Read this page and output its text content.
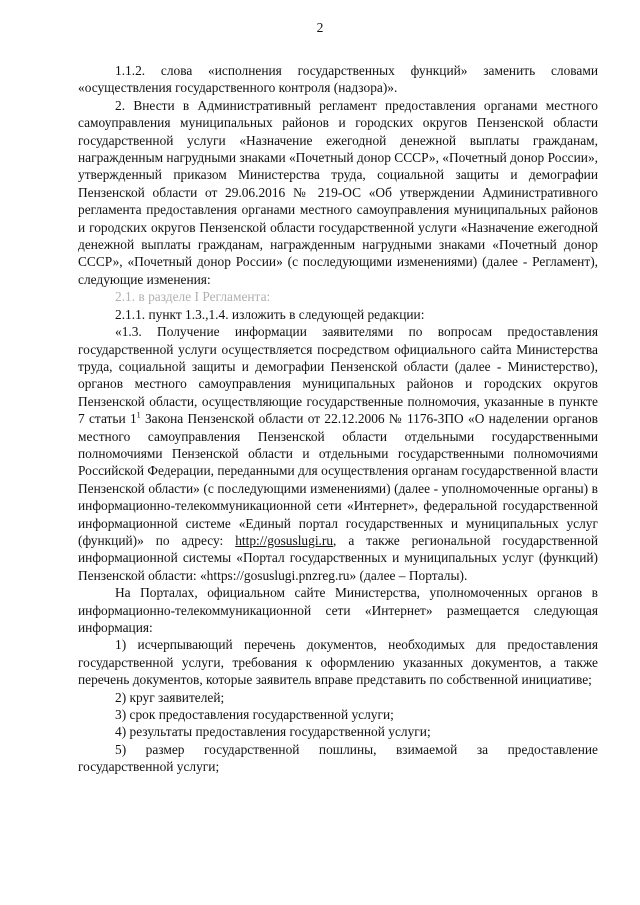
2

1.1.2. слова «исполнения государственных функций» заменить словами «осуществления государственного контроля (надзора)».

2. Внести в Административный регламент предоставления органами местного самоуправления муниципальных районов и городских округов Пензенской области государственной услуги «Назначение ежегодной денежной выплаты гражданам, награжденным нагрудными знаками «Почетный донор СССР», «Почетный донор России», утвержденный приказом Министерства труда, социальной защиты и демографии Пензенской области от 29.06.2016 № 219-ОС «Об утверждении Административного регламента предоставления органами местного самоуправления муниципальных районов и городских округов Пензенской области государственной услуги «Назначение ежегодной денежной выплаты гражданам, награжденным нагрудными знаками «Почетный донор СССР», «Почетный донор России» (с последующими изменениями) (далее - Регламент), следующие изменения:

2.1. в разделе I Регламента:

2.1.1. пункт 1.3.,1.4. изложить в следующей редакции:

«1.3. Получение информации заявителями по вопросам предоставления государственной услуги осуществляется посредством официального сайта Министерства труда, социальной защиты и демографии Пензенской области (далее - Министерство), органов местного самоуправления муниципальных районов и городских округов Пензенской области, осуществляющие государственные полномочия, указанные в пункте 7 статьи $1^1$ Закона Пензенской области от 22.12.2006 № 1176-ЗПО «О наделении органов местного самоуправления Пензенской области отдельными государственными полномочиями Пензенской области и отдельными государственными полномочиями Российской Федерации, переданными для осуществления органам государственной власти Пензенской области» (с последующими изменениями) (далее - уполномоченные органы) в информационно-телекоммуникационной сети «Интернет», федеральной государственной информационной системе «Единый портал государственных и муниципальных услуг (функций)» по адресу: http://gosuslugi.ru, а также региональной государственной информационной системы «Портал государственных и муниципальных услуг (функций) Пензенской области: «https://gosuslugi.pnzreg.ru» (далее – Порталы).

На Порталах, официальном сайте Министерства, уполномоченных органов в информационно-телекоммуникационной сети «Интернет» размещается следующая информация:

1) исчерпывающий перечень документов, необходимых для предоставления государственной услуги, требования к оформлению указанных документов, а также перечень документов, которые заявитель вправе представить по собственной инициативе;

2) круг заявителей;

3) срок предоставления государственной услуги;

4) результаты предоставления государственной услуги;

5) размер государственной пошлины, взимаемой за предоставление государственной услуги;
